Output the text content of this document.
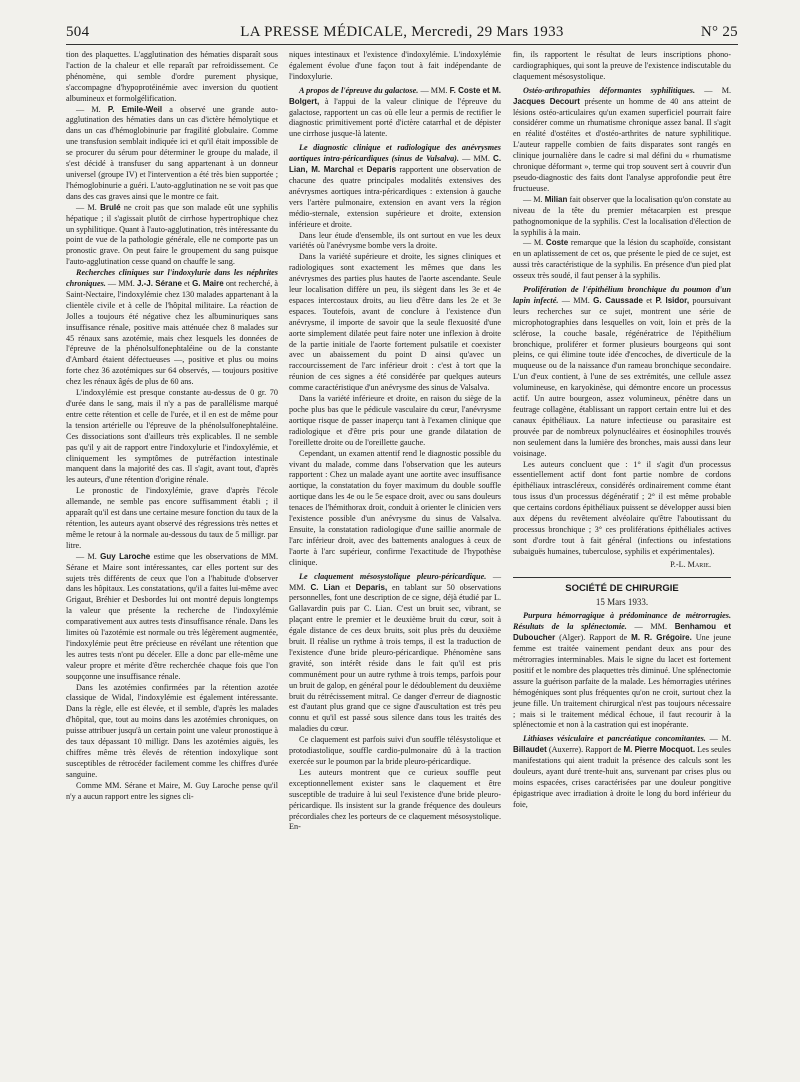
504	LA PRESSE MÉDICALE, Mercredi, 29 Mars 1933	N° 25

tion des plaquettes. L'agglutination des hématies disparaît sous l'action de la chaleur et elle reparaît par refroidissement. Ce phénomène, qui semble d'ordre purement physique, s'accompagne d'hypoprotéinémie avec inversion du quotient albumineux et formolgélification.

— M. P. Emile-Weil a observé une grande auto-agglutination des hématies dans un cas d'ictère hémolytique et dans un cas d'hémoglobinurie par fragilité globulaire. Comme une transfusion semblait indiquée ici et qu'il était impossible de se procurer du sérum pour déterminer le groupe du malade, il s'est décidé à transfuser du sang appartenant à un donneur universel (groupe IV) et l'intervention a été très bien supportée ; l'hémoglobinurie a guéri. L'auto-agglutination ne se voit pas que dans des cas graves ainsi que le montre ce fait.

— M. Brulé ne croit pas que son malade eût une syphilis hépatique ; il s'agissait plutôt de cirrhose hypertrophique chez un syphilitique. Quant à l'auto-agglutination, très intéressante du point de vue de la pathologie générale, elle ne comporte pas un pronostic grave. On peut faire le groupement du sang puisque l'auto-agglutination cesse quand on chauffe le sang.

Recherches cliniques sur l'indoxylurie dans les néphrites chroniques. — MM. J.-J. Sérane et G. Maire ont recherché, à Saint-Nectaire, l'indoxylémie chez 130 malades appartenant à la clientèle civile et à celle de l'hôpital militaire. La réaction de Jolles a toujours été négative chez les albuminuriques sans insuffisance rénale, positive mais atténuée chez 8 malades sur 45 rénaux sans azotémie, mais chez lesquels les données de l'épreuve de la phénolsulfonephtaléine ou de la constante d'Ambard étaient défectueuses —, positive et plus ou moins forte chez 36 azotémiques sur 64 observés, — toujours positive chez les rénaux âgés de plus de 60 ans.

L'indoxylémie est presque constante au-dessus de 0 gr. 70 d'urée dans le sang, mais il n'y a pas de parallélisme marqué entre cette rétention et celle de l'urée, et il en est de même pour la tension artérielle ou l'épreuve de la phénolsulfonephtaléine. Ces dissociations sont d'ailleurs très explicables. Il ne semble pas qu'il y ait de rapport entre l'indoxylurie et l'indoxylémie, et cliniquement les symptômes de putréfaction intestinale manquent dans la majorité des cas. Il s'agit, avant tout, d'après les auteurs, d'une rétention d'origine rénale.

Le pronostic de l'indoxylémie, grave d'après l'école allemande, ne semble pas encore suffisamment établi ; il apparaît qu'il est dans une certaine mesure fonction du taux de la rétention, les auteurs ayant observé des régressions très nettes et même le retour à la normale au-dessous du taux de 5 milligr. par litre.

— M. Guy Laroche estime que les observations de MM. Sérane et Maire sont intéressantes, car elles portent sur des sujets très différents de ceux que l'on a l'habitude d'observer dans les hôpitaux. Les constatations, qu'il a faites lui-même avec Grigaut, Bréhier et Desbordes lui ont montré depuis longtemps la valeur que présente la recherche de l'indoxylémie comparativement aux autres tests d'insuffisance rénale. Dans les limites où l'azotémie est normale ou très légèrement augmentée, l'indoxylémie peut être précieuse en révélant une rétention que les autres tests n'ont pu déceler. Elle a donc par elle-même une valeur propre et mérite d'être recherchée chaque fois que l'on soupçonne une insuffisance rénale.

Dans les azotémies confirmées par la rétention azotée classique de Widal, l'indoxylémie est également intéressante. Dans la règle, elle est élevée, et il semble, d'après les malades d'hôpital, que, tout au moins dans les azotémies chroniques, on puisse attribuer jusqu'à un certain point une valeur pronostique à des taux dépassant 10 milligr. Dans les azotémies aiguës, les chiffres même très élevés de rétention indoxylique sont susceptibles de rétrocéder facilement comme les chiffres d'urée sanguine.

Comme MM. Sérane et Maire, M. Guy Laroche pense qu'il n'y a aucun rapport entre les signes cli-

niques intestinaux et l'existence d'indoxylémie. L'indoxylémie également évolue d'une façon tout à fait indépendante de l'indoxylurie.

A propos de l'épreuve du galactose. — MM. F. Coste et M. Bolgert, à l'appui de la valeur clinique de l'épreuve du galactose, rapportent un cas où elle leur a permis de rectifier le diagnostic primitivement porté d'ictère catarrhal et de dépister une cirrhose jusque-là latente.

Le diagnostic clinique et radiologique des anévrysmes aortiques intra-péricardiques (sinus de Valsalva). — MM. C. Lian, M. Marchal et Deparis rapportent une observation de chacune des quatre principales modalités extensives des anévrysmes aortiques intra-péricardiques : extension à gauche vers l'artère pulmonaire, extension en avant vers la région médio-sternale, extension supérieure et droite, extension inférieure et droite.

Dans leur étude d'ensemble, ils ont surtout en vue les deux variétés où l'anévrysme bombe vers la droite.

Dans la variété supérieure et droite, les signes cliniques et radiologiques sont exactement les mêmes que dans les anévrysmes des parties plus hautes de l'aorte ascendante. Seule leur localisation diffère un peu, ils siègent dans les 3e et 4e espaces intercostaux droits, au lieu d'être dans les 2e et 3e espaces. Toutefois, avant de conclure à l'existence d'un anévrysme, il importe de savoir que la seule flexuosité d'une aorte simplement dilatée peut faire noter une inflexion à droite de la partie initiale de l'aorte fortement pulsatile et coexister avec un abaissement du point D ainsi qu'avec un raccourcissement de l'arc inférieur droit : c'est à tort que la réunion de ces signes a été considérée par quelques auteurs comme caractéristique d'un anévrysme des sinus de Valsalva.

Dans la variété inférieure et droite, en raison du siège de la poche plus bas que le pédicule vasculaire du cœur, l'anévrysme aortique risque de passer inaperçu tant à l'examen clinique que radiologique et d'être pris pour une grande dilatation de l'oreillette droite ou de l'oreillette gauche.

Cependant, un examen attentif rend le diagnostic possible du vivant du malade, comme dans l'observation que les auteurs rapportent : Chez un malade ayant une aortite avec insuffisance aortique, la constatation du foyer maximum du double souffle aortique dans les 4e ou le 5e espace droit, avec ou sans douleurs tenaces de l'hémithorax droit, conduit à orienter le clinicien vers l'existence possible d'un anévrysme du sinus de Valsalva. Ensuite, la constatation radiologique d'une saillie anormale de l'arc inférieur droit, avec des battements analogues à ceux de l'aorte à l'arc supérieur, confirme l'exactitude de l'hypothèse clinique.

Le claquement mésosystolique pleuro-péricardique. — MM. C. Lian et Deparis, en tablant sur 50 observations personnelles, font une description de ce signe, déjà étudié par L. Gallavardin puis par C. Lian. C'est un bruit sec, vibrant, se plaçant entre le premier et le deuxième bruit du cœur, soit à égale distance de ces deux bruits, soit plus près du deuxième bruit. Il réalise un rythme à trois temps, il est la traduction de l'existence d'une bride pleuro-péricardique. Phénomène sans gravité, son intérêt réside dans le fait qu'il est pris communément pour un autre rythme à trois temps, parfois pour un bruit de galop, en général pour le dédoublement du deuxième bruit du rétrécissement mitral. Ce danger d'erreur de diagnostic est d'autant plus grand que ce signe d'auscultation est très peu connu et qu'il est passé sous silence dans tous les traités des maladies du cœur.

Ce claquement est parfois suivi d'un souffle télésystolique et protodiastolique, souffle cardio-pulmonaire dû à la traction exercée sur le poumon par la bride pleuro-péricardique.

Les auteurs montrent que ce curieux souffle peut exceptionnellement exister sans le claquement et être susceptible de traduire à lui seul l'existence d'une bride pleuro-péricardique. Ils insistent sur la grande fréquence des douleurs précordiales chez les porteurs de ce claquement mésosystolique. En-

fin, ils rapportent le résultat de leurs inscriptions phono-cardiographiques, qui sont la preuve de l'existence indiscutable du claquement mésosystolique.

Ostéo-arthropathies déformantes syphilitiques. — M. Jacques Decourt présente un homme de 40 ans atteint de lésions ostéo-articulaires qu'un examen superficiel pourrait faire considérer comme un rhumatisme chronique assez banal. Il s'agit en réalité d'ostéites et d'ostéo-arthrites de nature syphilitique. L'auteur rappelle combien de faits disparates sont rangés en clinique journalière dans le cadre si mal défini du « rhumatisme chronique déformant », terme qui trop souvent sert à couvrir d'un pseudo-diagnostic des faits dont l'analyse approfondie peut être fructueuse.

— M. Milian fait observer que la localisation qu'on constate au niveau de la tête du premier métacarpien est presque pathognomonique de la syphilis. C'est la localisation d'élection de la syphilis à la main.

— M. Coste remarque que la lésion du scaphoïde, consistant en un aplatissement de cet os, que présente le pied de ce sujet, est aussi très caractéristique de la syphilis. En présence d'un pied plat osseux très soudé, il faut penser à la syphilis.

Prolifération de l'épithélium bronchique du poumon d'un lapin infecté. — MM. G. Caussade et P. Isidor, poursuivant leurs recherches sur ce sujet, montrent une série de microphotographies dans lesquelles on voit, loin et près de la sclérose, la couche basale, régénératrice de l'épithélium bronchique, proliférer et former plusieurs bourgeons qui sont pleins, ce qui élimine toute idée d'encoches, de diverticule de la muqueuse ou de la naissance d'un rameau bronchique secondaire. L'un d'eux contient, à l'une de ses extrémités, une cellule assez volumineuse, en karyokinèse, qui démontre encore un processus actif. Un autre bourgeon, assez volumineux, pénètre dans un feutrage collagène, établissant un rapport certain entre lui et des canaux épithéliaux. La nature infectieuse ou parasitaire est prouvée par de nombreux polynucléaires et éosinophiles trouvés non seulement dans la lumière des bronches, mais aussi dans leur voisinage.

Les auteurs concluent que : 1° il s'agit d'un processus essentiellement actif dont font partie nombre de cordons épithéliaux intrascléreux, considérés ordinairement comme étant tous issus d'un processus dégénératif ; 2° il est même probable que certains cordons épithéliaux puissent se développer aussi bien aux dépens du revêtement alvéolaire qu'être l'aboutissant du processus bronchique ; 3° ces proliférations épithéliales actives sont d'ordre tout à fait général (infections ou infestations subaiguës humaines, tuberculose, syphilis et expérimentales).

P.-L. Marie.

SOCIÉTÉ DE CHIRURGIE
15 Mars 1933.

Purpura hémorragique à prédominance de métrorragies. Résultats de la splénectomie. — MM. Benhamou et Duboucher (Alger). Rapport de M. R. Grégoire. Une jeune femme est traitée vainement pendant deux ans pour des métrorragies interminables. Mais le signe du lacet est fortement positif et le nombre des plaquettes très diminué. Une splénectomie assure la guérison parfaite de la malade. Les hémorragies utérines hémogéniques sont plus fréquentes qu'on ne croit, surtout chez la jeune fille. Un traitement chirurgical n'est pas toujours nécessaire ; mais si le traitement médical échoue, il faut recourir à la splénectomie et non à la castration qui est inopérante.

Lithiases vésiculaire et pancréatique concomitantes. — M. Billaudet (Auxerre). Rapport de M. Pierre Mocquot. Les seules manifestations qui aient traduit la présence des calculs sont les douleurs, ayant duré trente-huit ans, survenant par crises plus ou moins espacées, crises caractérisées par une douleur pongitive épigastrique avec irradiation à droite le long du bord inférieur du foie,
